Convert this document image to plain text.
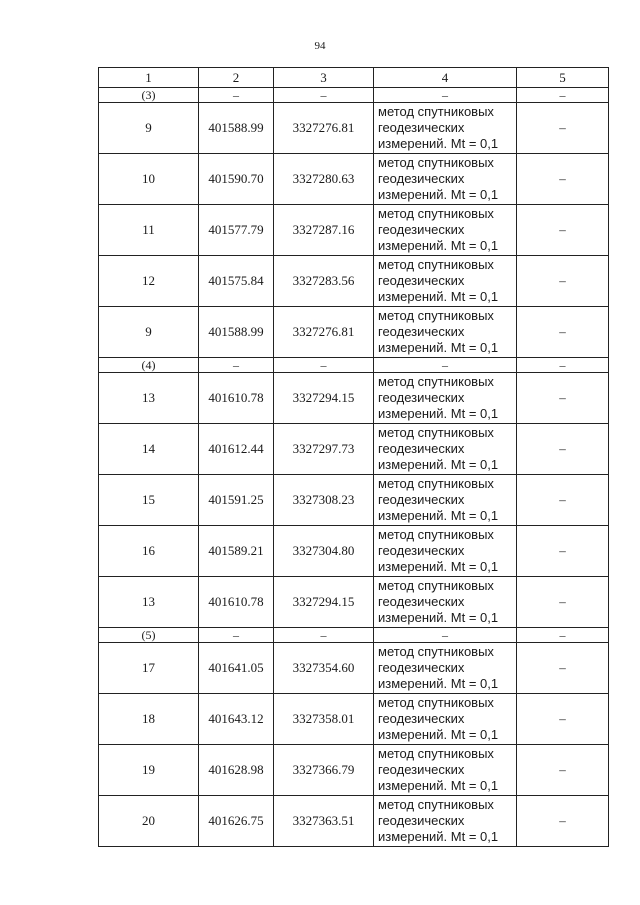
94
1	2	3	4	5
(3)	–	–	–	–
9	401588.99	3327276.81	метод спутниковых
геодезических
измерений. Mt = 0,1	–
10	401590.70	3327280.63	метод спутниковых
геодезических
измерений. Mt = 0,1	–
11	401577.79	3327287.16	метод спутниковых
геодезических
измерений. Mt = 0,1	–
12	401575.84	3327283.56	метод спутниковых
геодезических
измерений. Mt = 0,1	–
9	401588.99	3327276.81	метод спутниковых
геодезических
измерений. Mt = 0,1	–
(4)	–	–	–	–
13	401610.78	3327294.15	метод спутниковых
геодезических
измерений. Mt = 0,1	–
14	401612.44	3327297.73	метод спутниковых
геодезических
измерений. Mt = 0,1	–
15	401591.25	3327308.23	метод спутниковых
геодезических
измерений. Mt = 0,1	–
16	401589.21	3327304.80	метод спутниковых
геодезических
измерений. Mt = 0,1	–
13	401610.78	3327294.15	метод спутниковых
геодезических
измерений. Mt = 0,1	–
(5)	–	–	–	–
17	401641.05	3327354.60	метод спутниковых
геодезических
измерений. Mt = 0,1	–
18	401643.12	3327358.01	метод спутниковых
геодезических
измерений. Mt = 0,1	–
19	401628.98	3327366.79	метод спутниковых
геодезических
измерений. Mt = 0,1	–
20	401626.75	3327363.51	метод спутниковых
геодезических
измерений. Mt = 0,1	–
